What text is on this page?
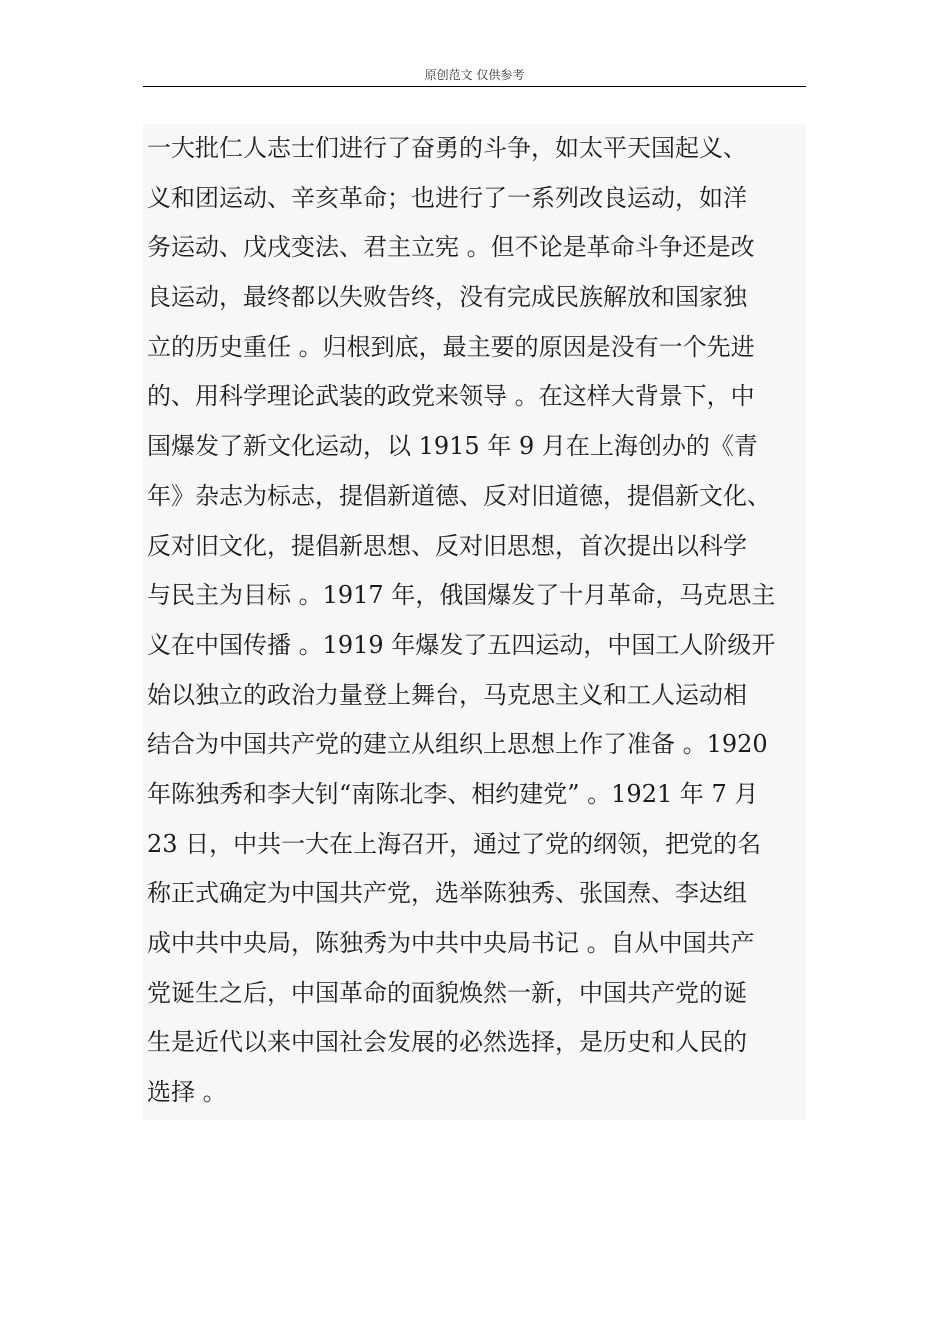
原创范文 仅供参考
一大批仁人志士们进行了奋勇的斗争，如太平天国起义、
义和团运动、辛亥革命；也进行了一系列改良运动，如洋
务运动、戊戌变法、君主立宪 。但不论是革命斗争还是改
良运动，最终都以失败告终，没有完成民族解放和国家独
立的历史重任 。归根到底，最主要的原因是没有一个先进
的、用科学理论武装的政党来领导 。在这样大背景下，中
国爆发了新文化运动，以 1915 年 9 月在上海创办的《青
年》杂志为标志，提倡新道德、反对旧道德，提倡新文化、
反对旧文化，提倡新思想、反对旧思想，首次提出以科学
与民主为目标 。1917 年，俄国爆发了十月革命，马克思主
义在中国传播 。1919 年爆发了五四运动，中国工人阶级开
始以独立的政治力量登上舞台，马克思主义和工人运动相
结合为中国共产党的建立从组织上思想上作了准备 。1920
年陈独秀和李大钊“南陈北李、相约建党” 。1921 年 7 月
23 日，中共一大在上海召开，通过了党的纲领，把党的名
称正式确定为中国共产党，选举陈独秀、张国焘、李达组
成中共中央局，陈独秀为中共中央局书记 。自从中国共产
党诞生之后，中国革命的面貌焕然一新，中国共产党的诞
生是近代以来中国社会发展的必然选择，是历史和人民的
选择 。
